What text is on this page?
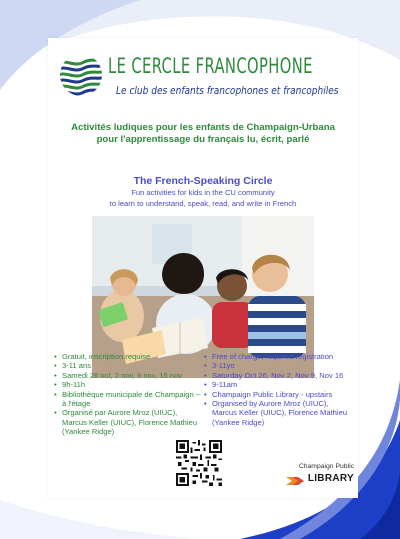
LE CERCLE FRANCOPHONE
Le club des enfants francophones et francophiles
Activités ludiques pour les enfants de Champaign-Urbana
pour l'apprentissage du français lu, écrit, parlé
The French-Speaking Circle
Fun activities for kids in the CU community
to learn to understand, speak, read, and write in French
• Gratuit, inscription requise
• 3-11 ans
• Samedi 26 oct, 2 nov, 9 nov, 16 nov
• 9h-11h
• Bibliothèque municipale de Champaign -- à l'étage
• Organisé par Aurore Mroz (UIUC), Marcus Keller (UIUC), Florence Mathieu (Yankee Ridge)
• Free of charge, required registration
• 3-11yo
• Saturday Oct 26, Nov 2, Nov 9, Nov 16
• 9-11am
• Champaign Public Library - upstairs
• Organised by Aurore Mroz (UIUC), Marcus Keller (UIUC), Florence Mathieu (Yankee Ridge)
Champaign Public
LIBRARY
